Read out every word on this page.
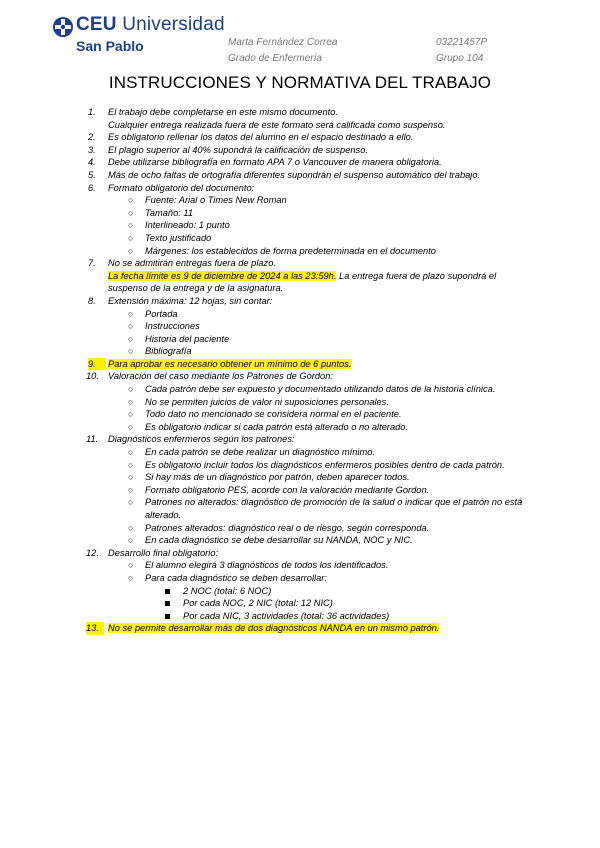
CEU Universidad
San Pablo	Marta Fernández Correa	03221457P
Grado de Enfermería	Grupo 104
INSTRUCCIONES Y NORMATIVA DEL TRABAJO
1.	El trabajo debe completarse en este mismo documento.
Cualquier entrega realizada fuera de este formato será calificada como suspenso.
2.	Es obligatorio rellenar los datos del alumno en el espacio destinado a ello.
3.	El plagio superior al 40% supondrá la calificación de suspenso.
4.	Debe utilizarse bibliografía en formato APA 7 o Vancouver de manera obligatoria.
5.	Más de ocho faltas de ortografía diferentes supondrán el suspenso automático del trabajo.
6.	Formato obligatorio del documento:
○ Fuente: Arial o Times New Roman
○ Tamaño: 11
○ Interlineado: 1 punto
○ Texto justificado
○ Márgenes: los establecidos de forma predeterminada en el documento
7.	No se admitirán entregas fuera de plazo.
La fecha límite es 9 de diciembre de 2024 a las 23:59h. La entrega fuera de plazo supondrá el suspenso de la entrega y de la asignatura.
8.	Extensión máxima: 12 hojas, sin contar:
○ Portada
○ Instrucciones
○ Historia del paciente
○ Bibliografía
9.	Para aprobar es necesario obtener un mínimo de 6 puntos.
10. Valoración del caso mediante los Patrones de Gordon:
○ Cada patrón debe ser expuesto y documentado utilizando datos de la historia clínica.
○ No se permiten juicios de valor ni suposiciones personales.
○ Todo dato no mencionado se considera normal en el paciente.
○ Es obligatorio indicar si cada patrón está alterado o no alterado.
11.	Diagnósticos enfermeros según los patrones:
○ En cada patrón se debe realizar un diagnóstico mínimo.
○ Es obligatorio incluir todos los diagnósticos enfermeros posibles dentro de cada patrón.
○ Si hay más de un diagnóstico por patrón, deben aparecer todos.
○ Formato obligatorio PES, acorde con la valoración mediante Gordon.
○ Patrones no alterados: diagnóstico de promoción de la salud o indicar que el patrón no está alterado.
○ Patrones alterados: diagnóstico real o de riesgo, según corresponda.
○ En cada diagnóstico se debe desarrollar su NANDA, NOC y NIC.
12. Desarrollo final obligatorio:
○ El alumno elegirá 3 diagnósticos de todos los identificados.
○ Para cada diagnóstico se deben desarrollar:
2 NOC (total: 6 NOC)
Por cada NOC, 2 NIC (total: 12 NIC)
Por cada NIC, 3 actividades (total: 36 actividades)
13. No se permite desarrollar más de dos diagnósticos NANDA en un mismo patrón.
